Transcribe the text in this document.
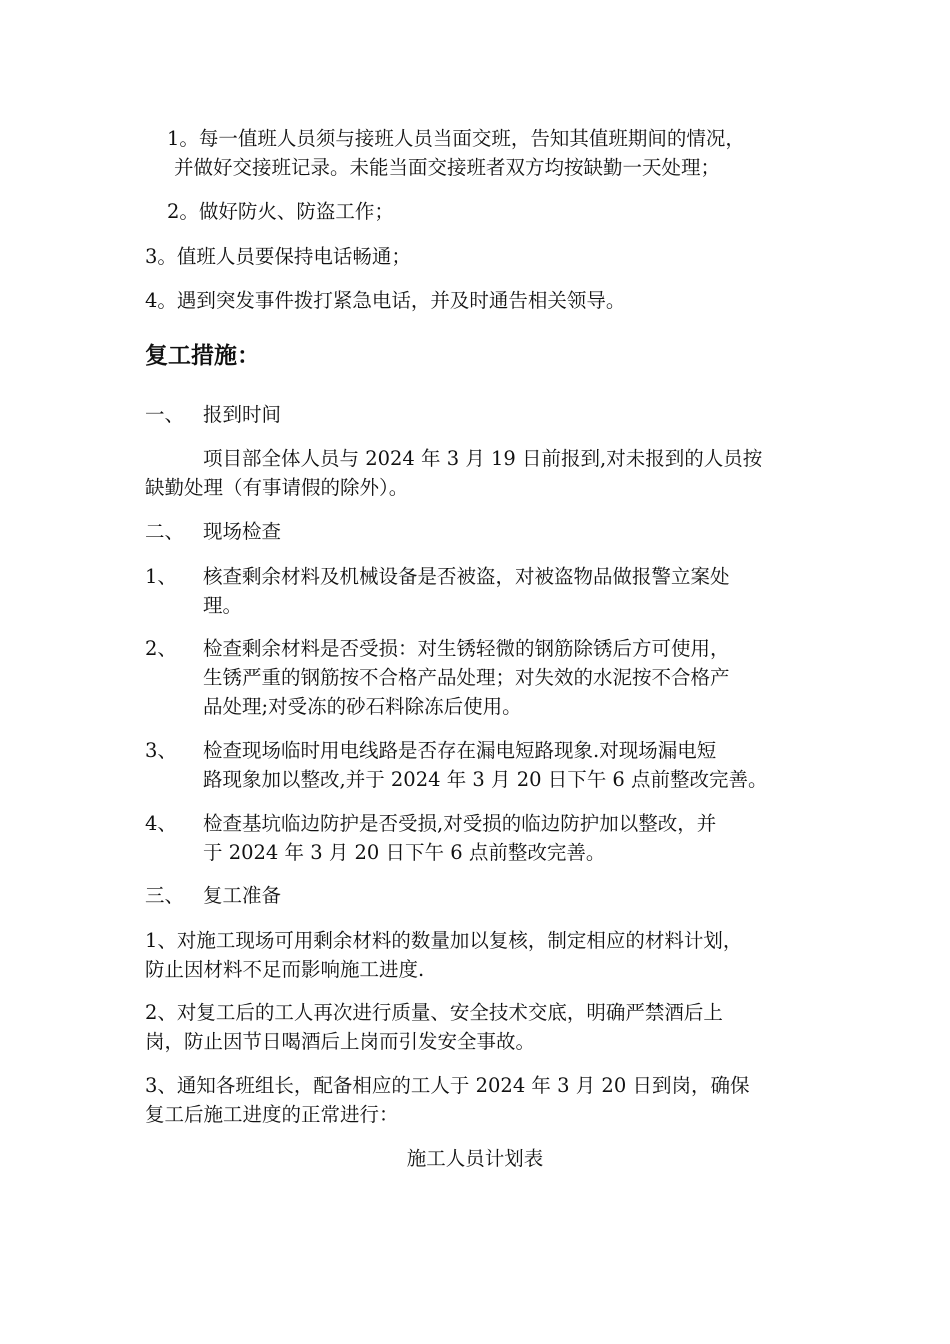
1。每一值班人员须与接班人员当面交班，告知其值班期间的情况，
并做好交接班记录。未能当面交接班者双方均按缺勤一天处理；
2。做好防火、防盗工作；
3。值班人员要保持电话畅通；
4。遇到突发事件拨打紧急电话，并及时通告相关领导。
复工措施：
一、 报到时间
项目部全体人员与 2024 年 3 月 19 日前报到,对未报到的人员按
缺勤处理（有事请假的除外）。
二、 现场检查
1、 核查剩余材料及机械设备是否被盗，对被盗物品做报警立案处
理。
2、 检查剩余材料是否受损：对生锈轻微的钢筋除锈后方可使用，
生锈严重的钢筋按不合格产品处理；对失效的水泥按不合格产
品处理;对受冻的砂石料除冻后使用。
3、 检查现场临时用电线路是否存在漏电短路现象.对现场漏电短
路现象加以整改,并于 2024 年 3 月 20 日下午 6 点前整改完善。
4、 检查基坑临边防护是否受损,对受损的临边防护加以整改，并
于 2024 年 3 月 20 日下午 6 点前整改完善。
三、 复工准备
1、对施工现场可用剩余材料的数量加以复核，制定相应的材料计划，
防止因材料不足而影响施工进度.
2、对复工后的工人再次进行质量、安全技术交底，明确严禁酒后上
岗，防止因节日喝酒后上岗而引发安全事故。
3、通知各班组长，配备相应的工人于 2024 年 3 月 20 日到岗，确保
复工后施工进度的正常进行：
施工人员计划表
